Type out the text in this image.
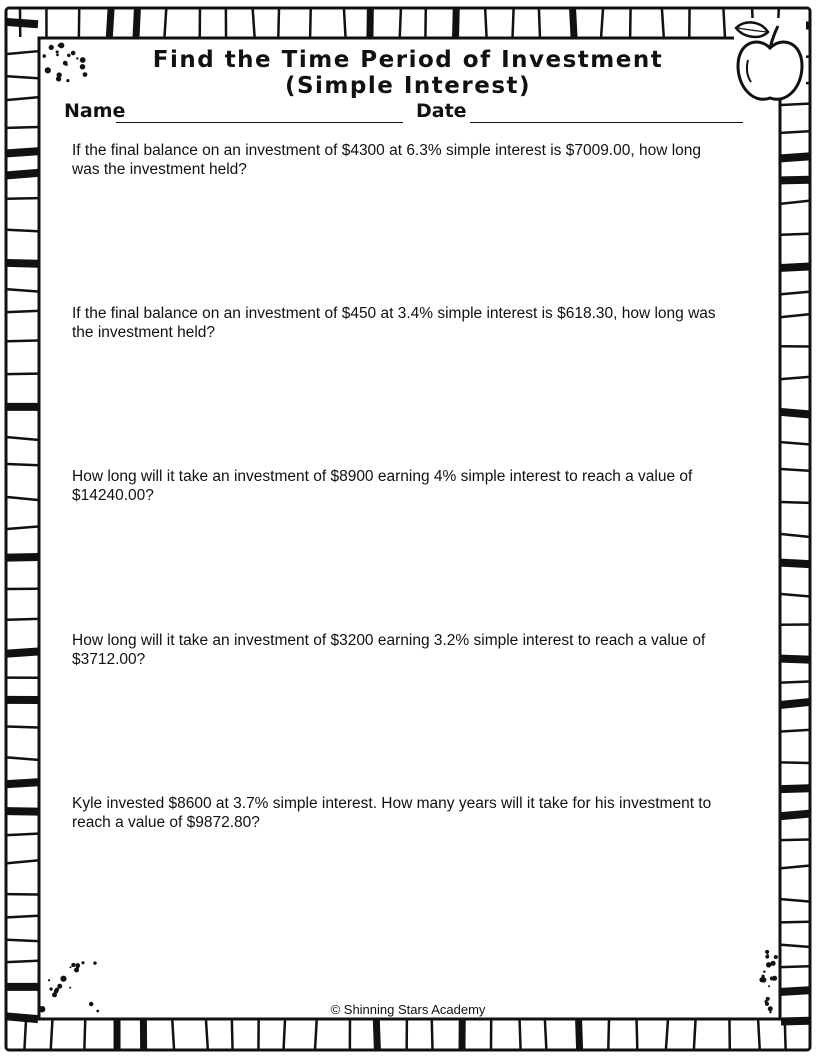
Find the Time Period of Investment
(Simple Interest)
Name	Date
If the final balance on an investment of $4300 at 6.3% simple interest is $7009.00, how long was the investment held?
If the final balance on an investment of $450 at 3.4% simple interest is $618.30, how long was the investment held?
How long will it take an investment of $8900 earning 4% simple interest to reach a value of $14240.00?
How long will it take an investment of $3200 earning 3.2% simple interest to reach a value of $3712.00?
Kyle invested $8600 at 3.7% simple interest. How many years will it take for his investment to reach a value of $9872.80?
© Shinning Stars Academy
